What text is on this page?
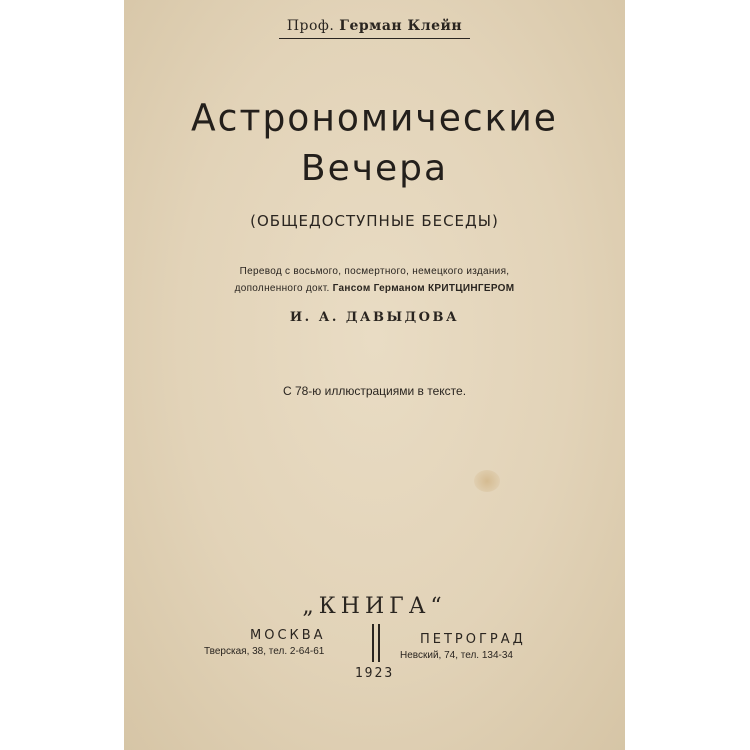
Проф. Герман Клейн
Астрономические
Вечера
(ОБЩЕДОСТУПНЫЕ БЕСЕДЫ)
Перевод с восьмого, посмертного, немецкого издания,
дополненного докт. Гансом Германом КРИТЦИНГЕРОМ
И. А. ДАВЫДОВА
С 78-ю иллюстрациями в тексте.
„КНИГА“
МОСКВА
Тверская, 38, тел. 2-64-61
ПЕТРОГРАД
Невский, 74, тел. 134-34
1923
